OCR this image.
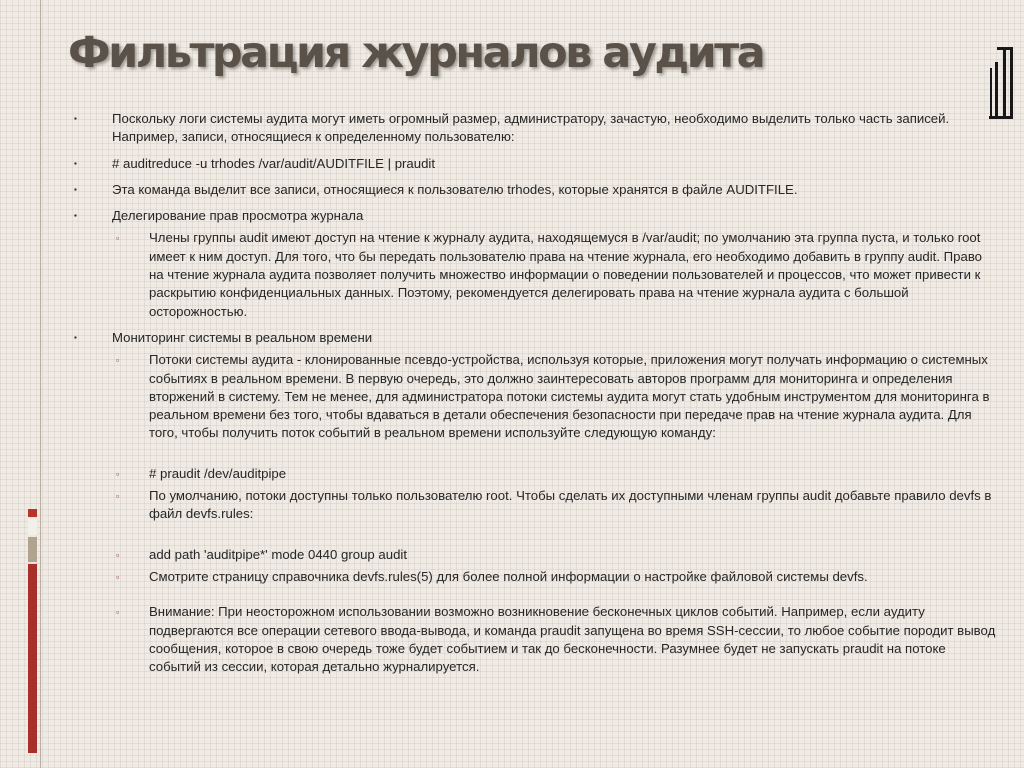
Фильтрация журналов аудита
▪	Поскольку логи системы аудита могут иметь огромный размер, администратору, зачастую, необходимо выделить только часть записей. Например, записи, относящиеся к определенному пользователю:
▪	# auditreduce -u trhodes /var/audit/AUDITFILE | praudit
▪	Эта команда выделит все записи, относящиеся к пользователю trhodes, которые хранятся в файле AUDITFILE.
▪	Делегирование прав просмотра журнала
▫ Члены группы audit имеют доступ на чтение к журналу аудита, находящемуся в /var/audit; по умолчанию эта группа пуста, и только root имеет к ним доступ. Для того, что бы передать пользователю права на чтение журнала, его необходимо добавить в группу audit. Право на чтение журнала аудита позволяет получить множество информации о поведении пользователей и процессов, что может привести к раскрытию конфиденциальных данных. Поэтому, рекомендуется делегировать права на чтение журнала аудита с большой осторожностью.
▪	Мониторинг системы в реальном времени
▫ Потоки системы аудита - клонированные псевдо-устройства, используя которые, приложения могут получать информацию о системных событиях в реальном времени. В первую очередь, это должно заинтересовать авторов программ для мониторинга и определения вторжений в систему. Тем не менее, для администратора потоки системы аудита могут стать удобным инструментом для мониторинга в реальном времени без того, чтобы вдаваться в детали обеспечения безопасности при передаче прав на чтение журнала аудита. Для того, чтобы получить поток событий в реальном времени используйте следующую команду:
▫ # praudit /dev/auditpipe
▫ По умолчанию, потоки доступны только пользователю root. Чтобы сделать их доступными членам группы audit добавьте правило devfs в файл devfs.rules:
▫ add path 'auditpipe*' mode 0440 group audit
▫ Смотрите страницу справочника devfs.rules(5) для более полной информации о настройке файловой системы devfs.
▫ Внимание: При неосторожном использовании возможно возникновение бесконечных циклов событий. Например, если аудиту подвергаются все операции сетевого ввода-вывода, и команда praudit запущена во время SSH-сессии, то любое событие породит вывод сообщения, которое в свою очередь тоже будет событием и так до бесконечности. Разумнее будет не запускать praudit на потоке событий из сессии, которая детально журналируется.
